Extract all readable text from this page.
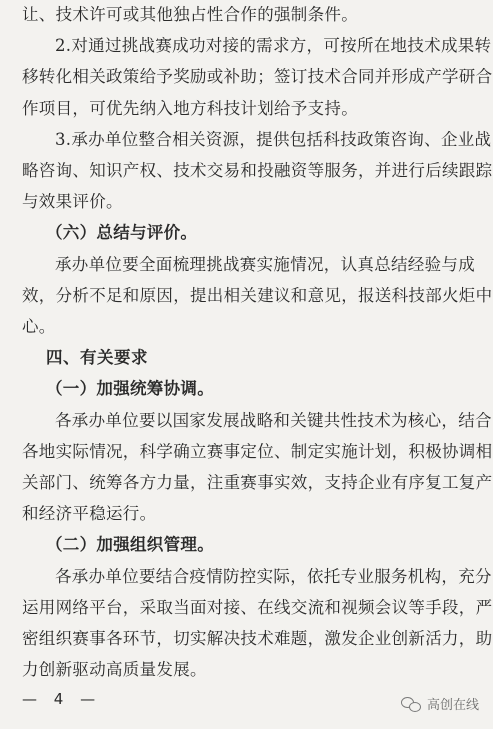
让、技术许可或其他独占性合作的强制条件。
2.对通过挑战赛成功对接的需求方，可按所在地技术成果转
移转化相关政策给予奖励或补助；签订技术合同并形成产学研合
作项目，可优先纳入地方科技计划给予支持。
3.承办单位整合相关资源，提供包括科技政策咨询、企业战
略咨询、知识产权、技术交易和投融资等服务，并进行后续跟踪
与效果评价。
（六）总结与评价。
承办单位要全面梳理挑战赛实施情况，认真总结经验与成
效，分析不足和原因，提出相关建议和意见，报送科技部火炬中
心。
四、有关要求
（一）加强统筹协调。
各承办单位要以国家发展战略和关键共性技术为核心，结合
各地实际情况，科学确立赛事定位、制定实施计划，积极协调相
关部门、统筹各方力量，注重赛事实效，支持企业有序复工复产
和经济平稳运行。
（二）加强组织管理。
各承办单位要结合疫情防控实际，依托专业服务机构，充分
运用网络平台，采取当面对接、在线交流和视频会议等手段，严
密组织赛事各环节，切实解决技术难题，激发企业创新活力，助
力创新驱动高质量发展。
— 4 —	高创在线
